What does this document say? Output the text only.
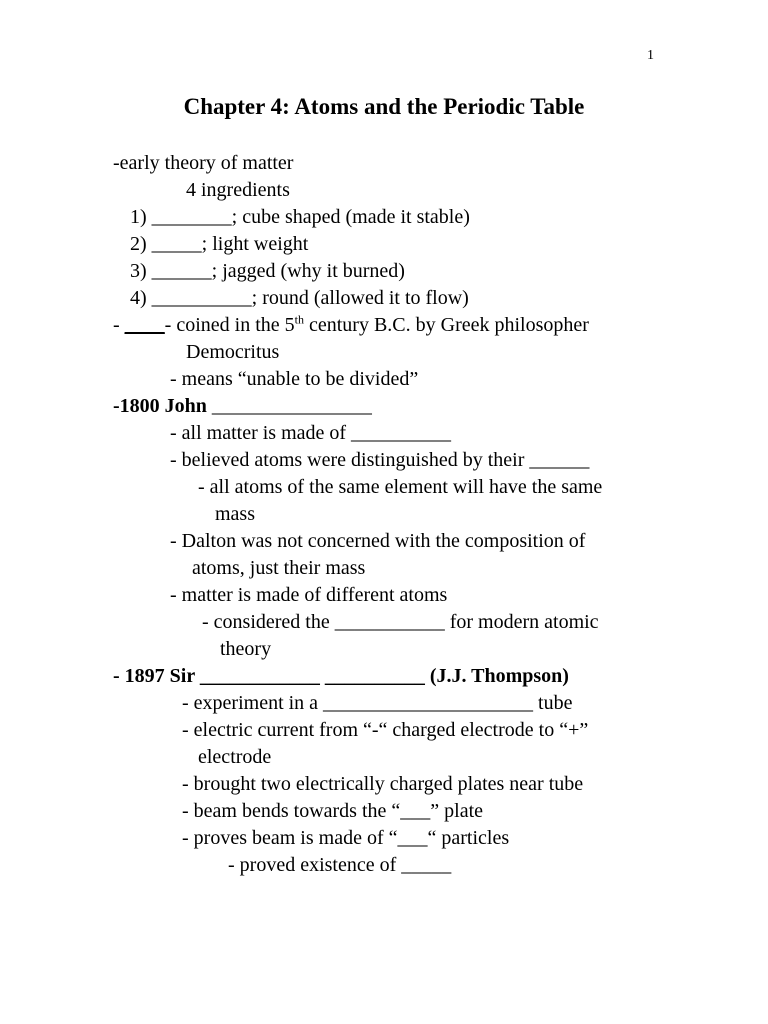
1
Chapter 4: Atoms and the Periodic Table
-early theory of matter
4 ingredients
1) ________; cube shaped (made it stable)
2) _____; light weight
3) ______; jagged (why it burned)
4) __________; round (allowed it to flow)
- ____- coined in the 5th century B.C. by Greek philosopher
Democritus
- means “unable to be divided”
-1800 John ________________
- all matter is made of __________
- believed atoms were distinguished by their ______
- all atoms of the same element will have the same
mass
- Dalton was not concerned with the composition of
atoms, just their mass
- matter is made of different atoms
- considered the ___________ for modern atomic
theory
- 1897 Sir ____________ __________ (J.J. Thompson)
- experiment in a _____________________ tube
- electric current from “-“ charged electrode to “+”
electrode
- brought two electrically charged plates near tube
- beam bends towards the “___” plate
- proves beam is made of “___“ particles
- proved existence of _____
